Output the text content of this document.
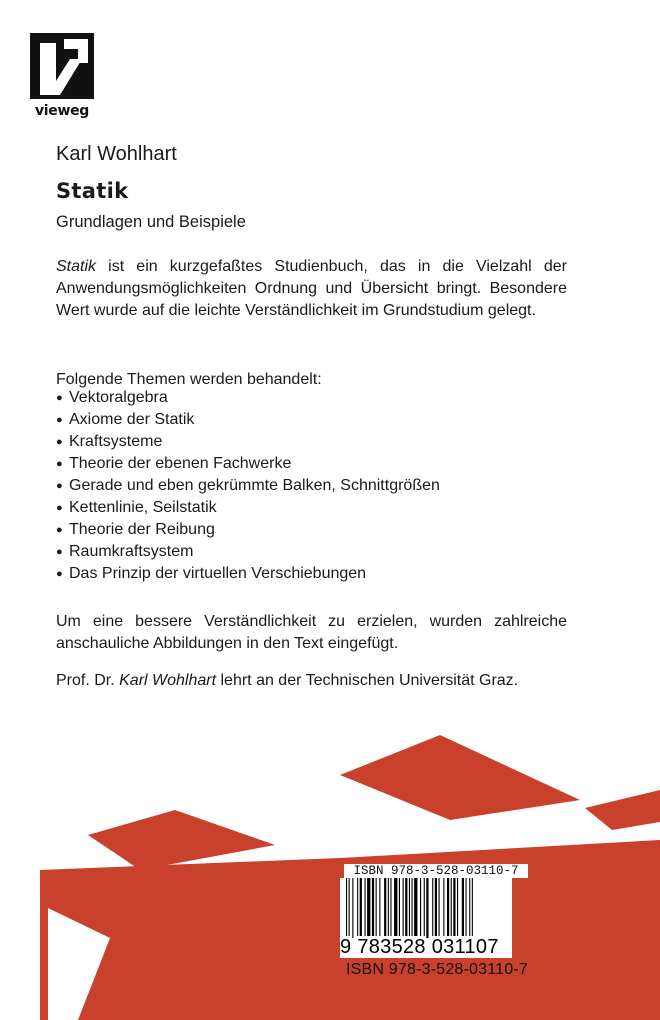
vieweg
Karl Wohlhart
Statik
Grundlagen und Beispiele
Statik ist ein kurzgefaßtes Studienbuch, das in die Vielzahl der Anwendungsmöglichkeiten Ordnung und Übersicht bringt. Besondere Wert wurde auf die leichte Verständlichkeit im Grundstudium gelegt.
Folgende Themen werden behandelt:
● Vektoralgebra
● Axiome der Statik
● Kraftsysteme
● Theorie der ebenen Fachwerke
● Gerade und eben gekrümmte Balken, Schnittgrößen
● Kettenlinie, Seilstatik
● Theorie der Reibung
● Raumkraftsystem
● Das Prinzip der virtuellen Verschiebungen
Um eine bessere Verständlichkeit zu erzielen, wurden zahlreiche anschauliche Abbildungen in den Text eingefügt.
Prof. Dr. Karl Wohlhart lehrt an der Technischen Universität Graz.
ISBN 978-3-528-03110-7
9 783528 031107
ISBN 978-3-528-03110-7
